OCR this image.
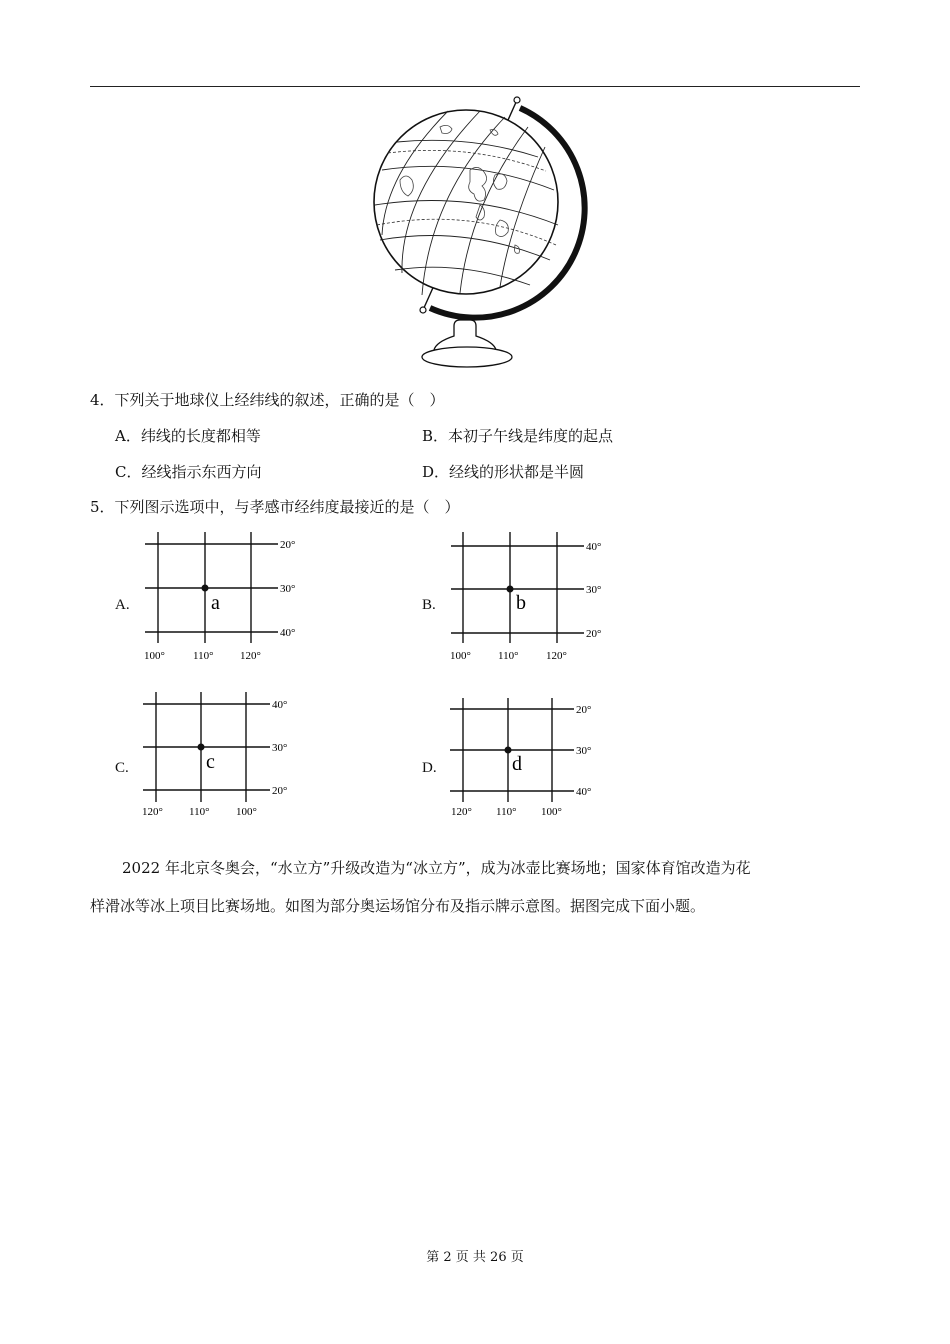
4．下列关于地球仪上经纬线的叙述，正确的是（　）
A．纬线的长度都相等	B．本初子午线是纬度的起点
C．经线指示东西方向	D．经线的形状都是半圆
5．下列图示选项中，与孝感市经纬度最接近的是（　）
A.	a
20°
30°
40°
100°	110° 120°
B.	b
40°
30°
20°
100° 110°	120°
C.	c
40°
30°
20°
120° 110° 100°
D.	d
20°
30°
40°
120° 110° 100°
2022 年北京冬奥会，“水立方”升级改造为“冰立方”，成为冰壶比赛场地；国家体育馆改造为花
样滑冰等冰上项目比赛场地。如图为部分奥运场馆分布及指示牌示意图。据图完成下面小题。
第 2 页 共 26 页
